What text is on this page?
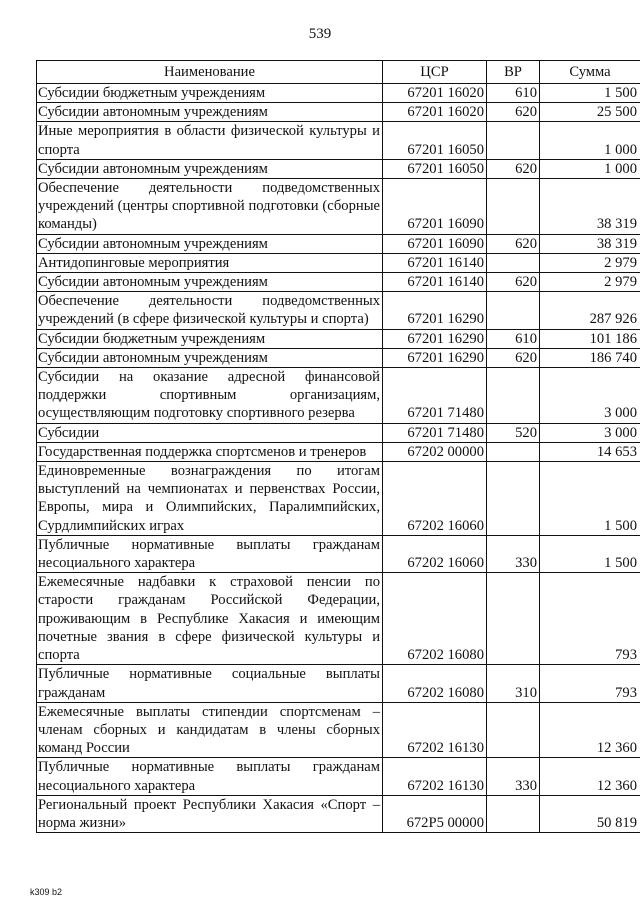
539
Наименование	ЦСР	ВР	Сумма
Субсидии бюджетным учреждениям	67201 16020	610	1 500
Субсидии автономным учреждениям	67201 16020	620	25 500
Иные мероприятия в области физической культуры и спорта	67201 16050		1 000
Субсидии автономным учреждениям	67201 16050	620	1 000
Обеспечение деятельности подведомственных учреждений (центры спортивной подготовки (сборные команды)	67201 16090		38 319
Субсидии автономным учреждениям	67201 16090	620	38 319
Антидопинговые мероприятия	67201 16140		2 979
Субсидии автономным учреждениям	67201 16140	620	2 979
Обеспечение деятельности подведомственных учреждений (в сфере физической культуры и спорта)	67201 16290		287 926
Субсидии бюджетным учреждениям	67201 16290	610	101 186
Субсидии автономным учреждениям	67201 16290	620	186 740
Субсидии на оказание адресной финансовой поддержки спортивным организациям, осуществляющим подготовку спортивного резерва	67201 71480		3 000
Субсидии	67201 71480	520	3 000
Государственная поддержка спортсменов и тренеров	67202 00000		14 653
Единовременные вознаграждения по итогам выступлений на чемпионатах и первенствах России, Европы, мира и Олимпийских, Паралимпийских, Сурдлимпийских играх	67202 16060		1 500
Публичные нормативные выплаты гражданам несоциального характера	67202 16060	330	1 500
Ежемесячные надбавки к страховой пенсии по старости гражданам Российской Федерации, проживающим в Республике Хакасия и имеющим почетные звания в сфере физической культуры и спорта	67202 16080		793
Публичные нормативные социальные выплаты гражданам	67202 16080	310	793
Ежемесячные выплаты стипендии спортсменам – членам сборных и кандидатам в члены сборных команд России	67202 16130		12 360
Публичные нормативные выплаты гражданам несоциального характера	67202 16130	330	12 360
Региональный проект Республики Хакасия «Спорт – норма жизни»	672P5 00000		50 819
k309 b2
